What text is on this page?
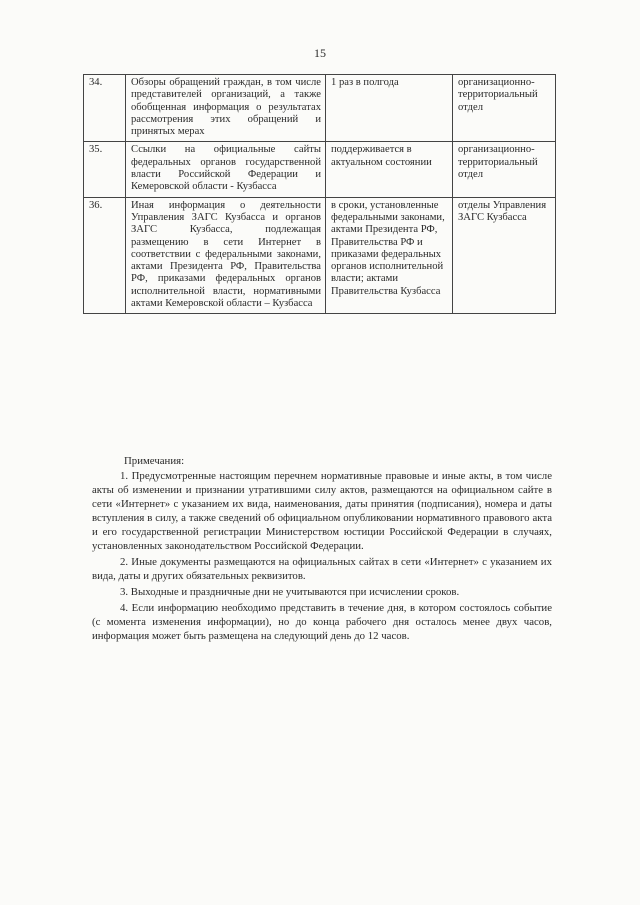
15
34.	Обзоры обращений граждан, в том числе представителей организаций, а также обобщенная информация о результатах рассмотрения этих обращений и принятых мерах	1 раз в полгода	организационно-территориальный отдел
35.	Ссылки на официальные сайты федеральных органов государственной власти Российской Федерации и Кемеровской области - Кузбасса	поддерживается в актуальном состоянии	организационно-территориальный отдел
36.	Иная информация о деятельности Управления ЗАГС Кузбасса и органов ЗАГС Кузбасса, подлежащая размещению в сети Интернет в соответствии с федеральными законами, актами Президента РФ, Правительства РФ, приказами федеральных органов исполнительной власти, нормативными актами Кемеровской области – Кузбасса	в сроки, установленные федеральными законами, актами Президента РФ, Правительства РФ и приказами федеральных органов исполнительной власти; актами Правительства Кузбасса	отделы Управления ЗАГС Кузбасса

Примечания:

1. Предусмотренные настоящим перечнем нормативные правовые и иные акты, в том числе акты об изменении и признании утратившими силу актов, размещаются на официальном сайте в сети «Интернет» с указанием их вида, наименования, даты принятия (подписания), номера и даты вступления в силу, а также сведений об официальном опубликовании нормативного правового акта и его государственной регистрации Министерством юстиции Российской Федерации в случаях, установленных законодательством Российской Федерации.

2. Иные документы размещаются на официальных сайтах в сети «Интернет» с указанием их вида, даты и других обязательных реквизитов.

3. Выходные и праздничные дни не учитываются при исчислении сроков.

4. Если информацию необходимо представить в течение дня, в котором состоялось событие (с момента изменения информации), но до конца рабочего дня осталось менее двух часов, информация может быть размещена на следующий день до 12 часов.
